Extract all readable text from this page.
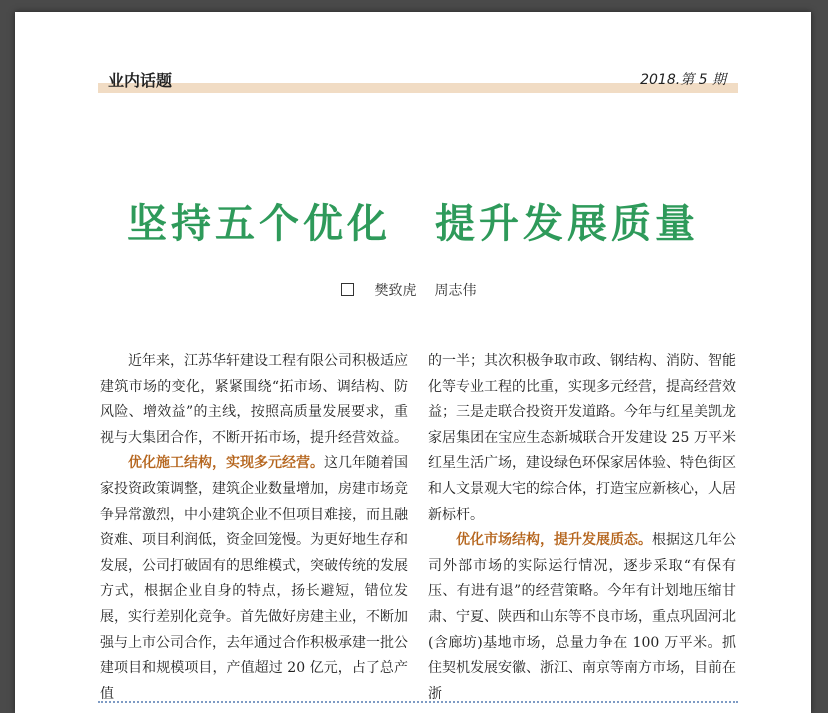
业内话题	2018.第 5 期
坚持五个优化　提升发展质量
樊致虎 周志伟

近年来，江苏华轩建设工程有限公司积极适应建筑市场的变化，紧紧围绕“拓市场、调结构、防风险、增效益”的主线，按照高质量发展要求，重视与大集团合作，不断开拓市场，提升经营效益。

优化施工结构，实现多元经营。这几年随着国家投资政策调整，建筑企业数量增加，房建市场竞争异常激烈，中小建筑企业不但项目难接，而且融资难、项目利润低，资金回笼慢。为更好地生存和发展，公司打破固有的思维模式，突破传统的发展方式，根据企业自身的特点，扬长避短，错位发展，实行差别化竞争。首先做好房建主业，不断加强与上市公司合作，去年通过合作积极承建一批公建项目和规模项目，产值超过 20 亿元，占了总产值

的一半；其次积极争取市政、钢结构、消防、智能化等专业工程的比重，实现多元经营，提高经营效益；三是走联合投资开发道路。今年与红星美凯龙家居集团在宝应生态新城联合开发建设 25 万平米红星生活广场，建设绿色环保家居体验、特色街区和人文景观大宅的综合体，打造宝应新核心，人居新标杆。

优化市场结构，提升发展质态。根据这几年公司外部市场的实际运行情况，逐步采取“有保有压、有进有退”的经营策略。今年有计划地压缩甘肃、宁夏、陕西和山东等不良市场，重点巩固河北(含廊坊)基地市场，总量力争在 100 万平米。抓住契机发展安徽、浙江、南京等南方市场，目前在浙
